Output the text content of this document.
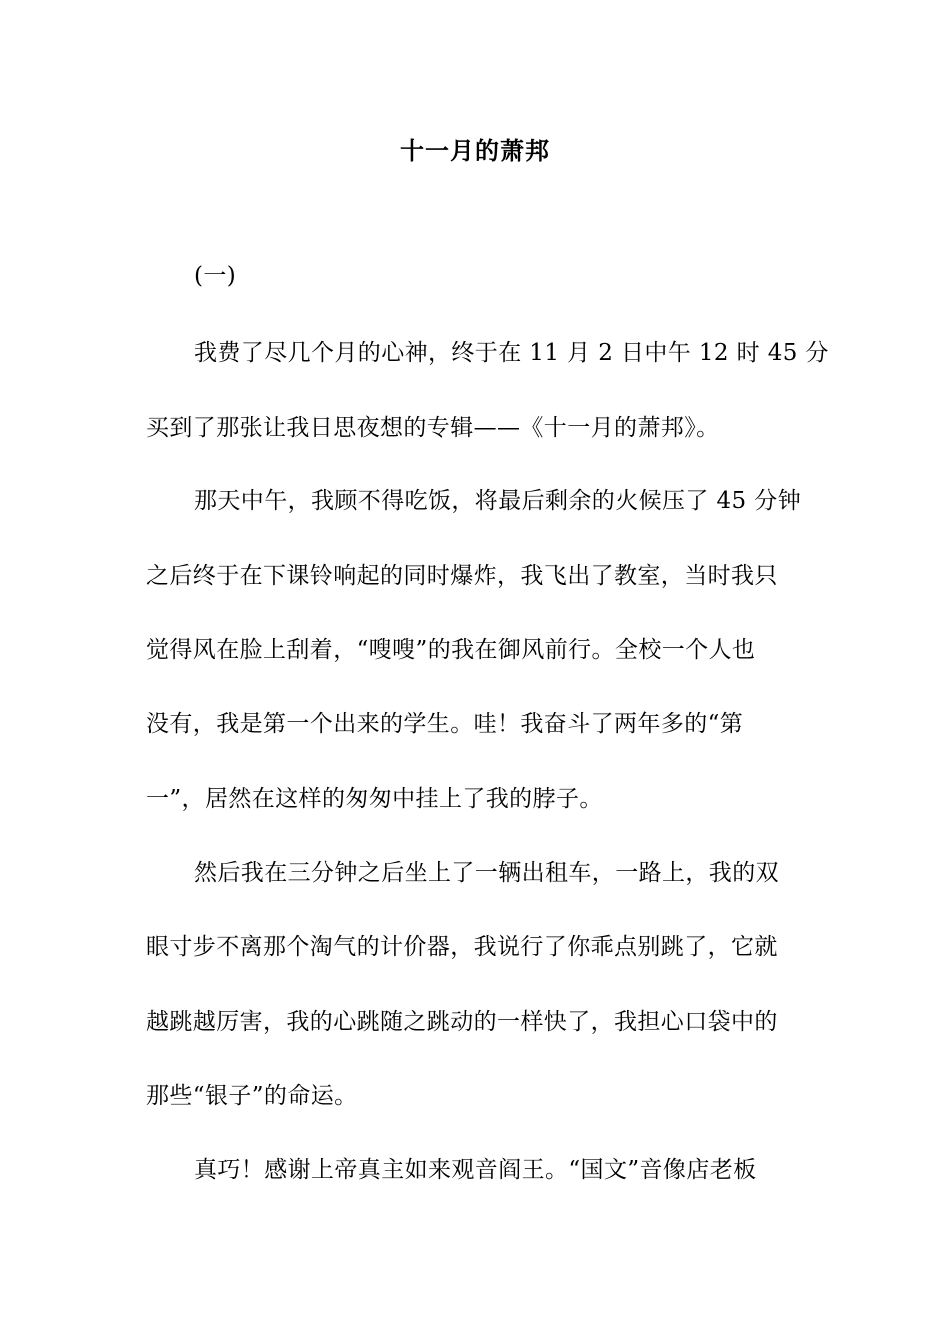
十一月的萧邦
(一)
我费了尽几个月的心神，终于在 11 月 2 日中午 12 时 45 分
买到了那张让我日思夜想的专辑——《十一月的萧邦》。
那天中午，我顾不得吃饭，将最后剩余的火候压了 45 分钟
之后终于在下课铃响起的同时爆炸，我飞出了教室，当时我只
觉得风在脸上刮着，“嗖嗖”的我在御风前行。全校一个人也
没有，我是第一个出来的学生。哇！我奋斗了两年多的“第
一”，居然在这样的匆匆中挂上了我的脖子。
然后我在三分钟之后坐上了一辆出租车，一路上，我的双
眼寸步不离那个淘气的计价器，我说行了你乖点别跳了，它就
越跳越厉害，我的心跳随之跳动的一样快了，我担心口袋中的
那些“银子”的命运。
真巧！感谢上帝真主如来观音阎王。“国文”音像店老板
